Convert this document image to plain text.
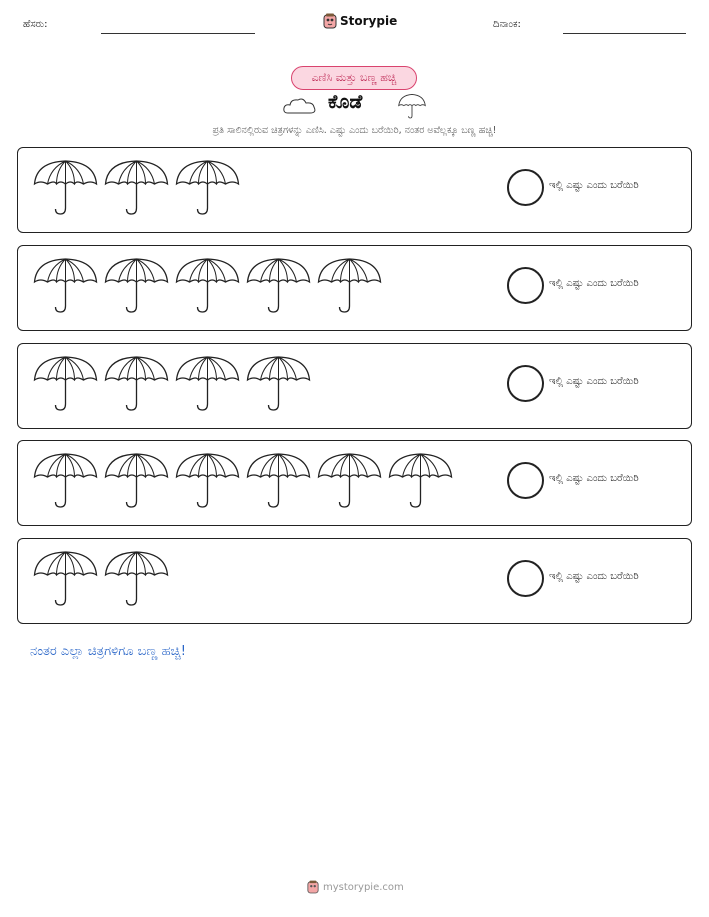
ಹೆಸರು:	Storypie	ದಿನಾಂಕ:
ಎಣಿಸಿ ಮತ್ತು ಬಣ್ಣ ಹಚ್ಚಿ
ಕೊಡೆ
ಪ್ರತಿ ಸಾಲಿನಲ್ಲಿರುವ ಚಿತ್ರಗಳನ್ನು ಎಣಿಸಿ. ಎಷ್ಟು ಎಂದು ಬರೆಯಿರಿ, ನಂತರ ಅವೆಲ್ಲಕ್ಕೂ ಬಣ್ಣ ಹಚ್ಚಿ!
ಇಲ್ಲಿ ಎಷ್ಟು ಎಂದು ಬರೆಯಿರಿ
ಇಲ್ಲಿ ಎಷ್ಟು ಎಂದು ಬರೆಯಿರಿ
ಇಲ್ಲಿ ಎಷ್ಟು ಎಂದು ಬರೆಯಿರಿ
ಇಲ್ಲಿ ಎಷ್ಟು ಎಂದು ಬರೆಯಿರಿ
ಇಲ್ಲಿ ಎಷ್ಟು ಎಂದು ಬರೆಯಿರಿ
ನಂತರ ಎಲ್ಲಾ ಚಿತ್ರಗಳಿಗೂ ಬಣ್ಣ ಹಚ್ಚಿ!
mystorypie.com
